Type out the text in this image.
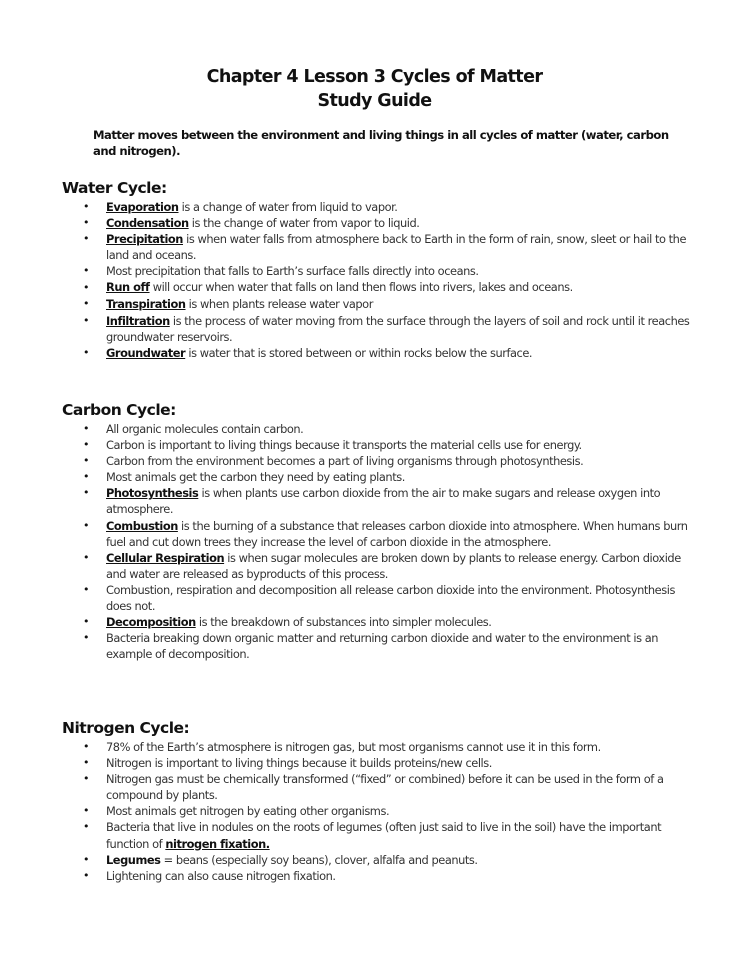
Chapter 4 Lesson 3 Cycles of Matter
Study Guide
Matter moves between the environment and living things in all cycles of matter (water, carbon and nitrogen).
Water Cycle:
• Evaporation is a change of water from liquid to vapor.
• Condensation is the change of water from vapor to liquid.
• Precipitation is when water falls from atmosphere back to Earth in the form of rain, snow, sleet or hail to the land and oceans.
• Most precipitation that falls to Earth’s surface falls directly into oceans.
• Run off will occur when water that falls on land then flows into rivers, lakes and oceans.
• Transpiration is when plants release water vapor
• Infiltration is the process of water moving from the surface through the layers of soil and rock until it reaches groundwater reservoirs.
• Groundwater is water that is stored between or within rocks below the surface.
Carbon Cycle:
• All organic molecules contain carbon.
• Carbon is important to living things because it transports the material cells use for energy.
• Carbon from the environment becomes a part of living organisms through photosynthesis.
• Most animals get the carbon they need by eating plants.
• Photosynthesis is when plants use carbon dioxide from the air to make sugars and release oxygen into atmosphere.
• Combustion is the burning of a substance that releases carbon dioxide into atmosphere. When humans burn fuel and cut down trees they increase the level of carbon dioxide in the atmosphere.
• Cellular Respiration is when sugar molecules are broken down by plants to release energy. Carbon dioxide and water are released as byproducts of this process.
• Combustion, respiration and decomposition all release carbon dioxide into the environment. Photosynthesis does not.
• Decomposition is the breakdown of substances into simpler molecules.
• Bacteria breaking down organic matter and returning carbon dioxide and water to the environment is an example of decomposition.
Nitrogen Cycle:
• 78% of the Earth’s atmosphere is nitrogen gas, but most organisms cannot use it in this form.
• Nitrogen is important to living things because it builds proteins/new cells.
• Nitrogen gas must be chemically transformed (“fixed” or combined) before it can be used in the form of a compound by plants.
• Most animals get nitrogen by eating other organisms.
• Bacteria that live in nodules on the roots of legumes (often just said to live in the soil) have the important function of nitrogen fixation.
• Legumes = beans (especially soy beans), clover, alfalfa and peanuts.
• Lightening can also cause nitrogen fixation.
